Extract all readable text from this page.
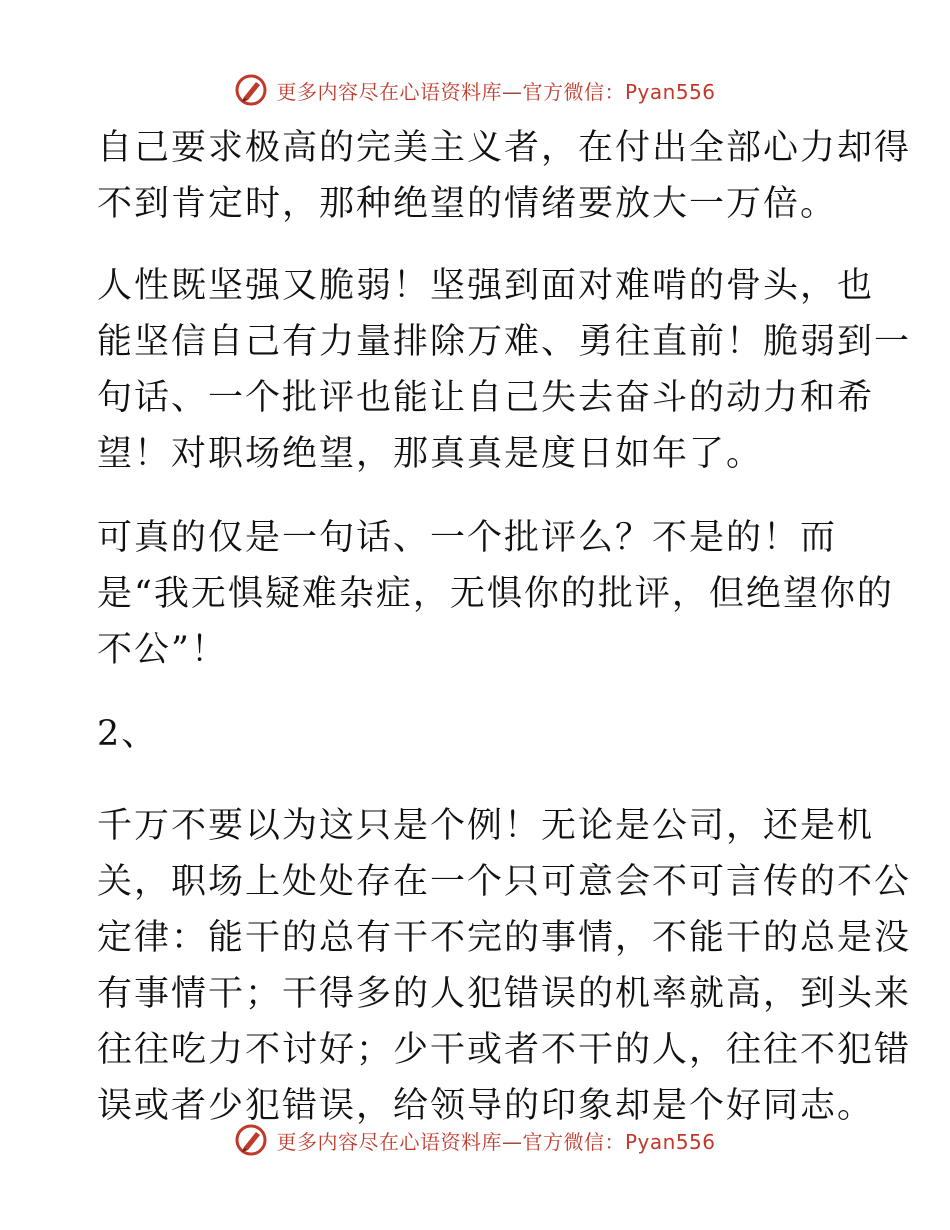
更多内容尽在心语资料库—官方微信：Pyan556

自己要求极高的完美主义者，在付出全部心力却得
不到肯定时，那种绝望的情绪要放大一万倍。

人性既坚强又脆弱！坚强到面对难啃的骨头，也
能坚信自己有力量排除万难、勇往直前！脆弱到一
句话、一个批评也能让自己失去奋斗的动力和希
望！对职场绝望，那真真是度日如年了。

可真的仅是一句话、一个批评么？不是的！而
是“我无惧疑难杂症，无惧你的批评，但绝望你的
不公”！

2、

千万不要以为这只是个例！无论是公司，还是机
关，职场上处处存在一个只可意会不可言传的不公
定律：能干的总有干不完的事情，不能干的总是没
有事情干；干得多的人犯错误的机率就高，到头来
往往吃力不讨好；少干或者不干的人，往往不犯错
误或者少犯错误，给领导的印象却是个好同志。

更多内容尽在心语资料库—官方微信：Pyan556
